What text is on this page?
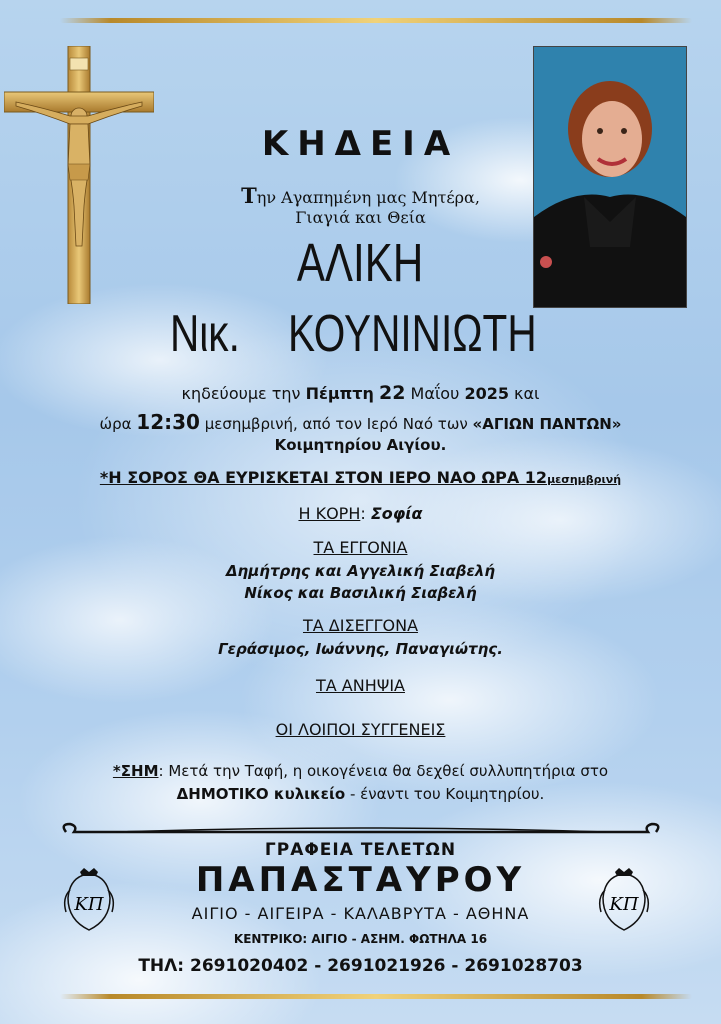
ΚΗΔΕΙΑ
Την Αγαπημένη μας Μητέρα,
Γιαγιά και Θεία
ΑΛΙΚΗ
Νικ. ΚΟΥΝΙΝΙΩΤΗ
κηδεύουμε την Πέμπτη 22 Μαΐου 2025 και
ώρα 12:30 μεσημβρινή, από τον Ιερό Ναό των «ΑΓΙΩΝ ΠΑΝΤΩΝ»
Κοιμητηρίου Αιγίου.
*Η ΣΟΡΟΣ ΘΑ ΕΥΡΙΣΚΕΤΑΙ ΣΤΟΝ ΙΕΡΟ ΝΑΟ ΩΡΑ 12μεσημβρινή
Η ΚΟΡΗ: Σοφία
ΤΑ ΕΓΓΟΝΙΑ
Δημήτρης και Αγγελική Σιαβελή
Νίκος και Βασιλική Σιαβελή
ΤΑ ΔΙΣΕΓΓΟΝΑ
Γεράσιμος, Ιωάννης, Παναγιώτης.
ΤΑ ΑΝΗΨΙΑ
ΟΙ ΛΟΙΠΟΙ ΣΥΓΓΕΝΕΙΣ
*ΣΗΜ: Μετά την Ταφή, η οικογένεια θα δεχθεί συλλυπητήρια στο
ΔΗΜΟΤΙΚΟ κυλικείο - έναντι του Κοιμητηρίου.
ΓΡΑΦΕΙΑ ΤΕΛΕΤΩΝ
ΠΑΠΑΣΤΑΥΡΟΥ
ΑΙΓΙΟ - ΑΙΓΕΙΡΑ - ΚΑΛΑΒΡΥΤΑ - ΑΘΗΝΑ
ΚΕΝΤΡΙΚΟ: ΑΙΓΙΟ - ΑΣΗΜ. ΦΩΤΗΛΑ 16
ΤΗΛ: 2691020402 - 2691021926 - 2691028703
ΚΠ	ΚΠ
